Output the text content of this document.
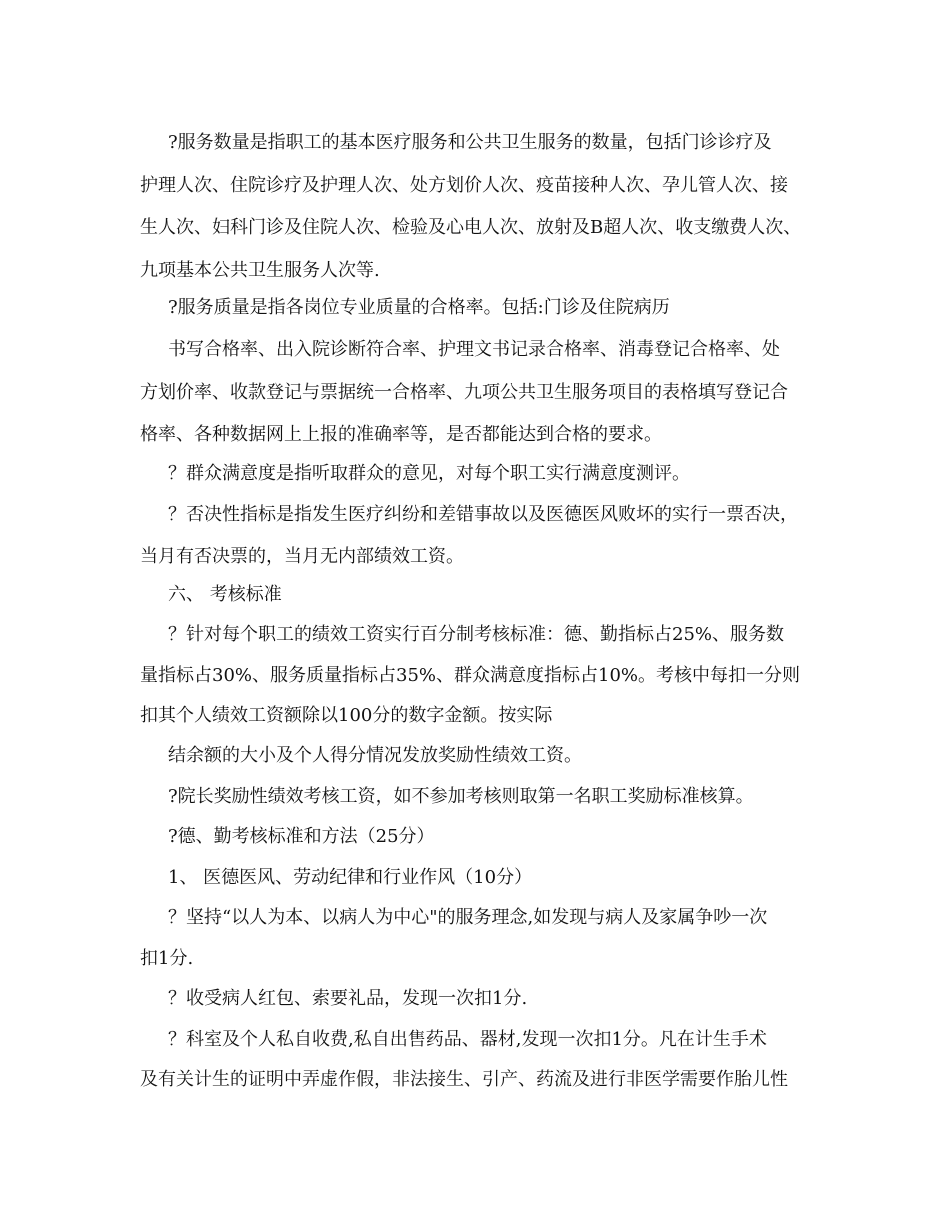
?服务数量是指职工的基本医疗服务和公共卫生服务的数量，包括门诊诊疗及
护理人次、住院诊疗及护理人次、处方划价人次、疫苗接种人次、孕儿管人次、接
生人次、妇科门诊及住院人次、检验及心电人次、放射及B超人次、收支缴费人次、
九项基本公共卫生服务人次等.
?服务质量是指各岗位专业质量的合格率。包括:门诊及住院病历
书写合格率、出入院诊断符合率、护理文书记录合格率、消毒登记合格率、处
方划价率、收款登记与票据统一合格率、九项公共卫生服务项目的表格填写登记合
格率、各种数据网上上报的准确率等，是否都能达到合格的要求。
？群众满意度是指听取群众的意见，对每个职工实行满意度测评。
？否决性指标是指发生医疗纠纷和差错事故以及医德医风败坏的实行一票否决，
当月有否决票的，当月无内部绩效工资。
六、 考核标准
？针对每个职工的绩效工资实行百分制考核标准：德、勤指标占25%、服务数
量指标占30%、服务质量指标占35%、群众满意度指标占10%。考核中每扣一分则
扣其个人绩效工资额除以100分的数字金额。按实际
结余额的大小及个人得分情况发放奖励性绩效工资。
?院长奖励性绩效考核工资，如不参加考核则取第一名职工奖励标准核算。
?德、勤考核标准和方法（25分）
1、 医德医风、劳动纪律和行业作风（10分）
？坚持“以人为本、以病人为中心"的服务理念,如发现与病人及家属争吵一次
扣1分.
？收受病人红包、索要礼品，发现一次扣1分.
？科室及个人私自收费,私自出售药品、器材,发现一次扣1分。凡在计生手术
及有关计生的证明中弄虚作假，非法接生、引产、药流及进行非医学需要作胎儿性
